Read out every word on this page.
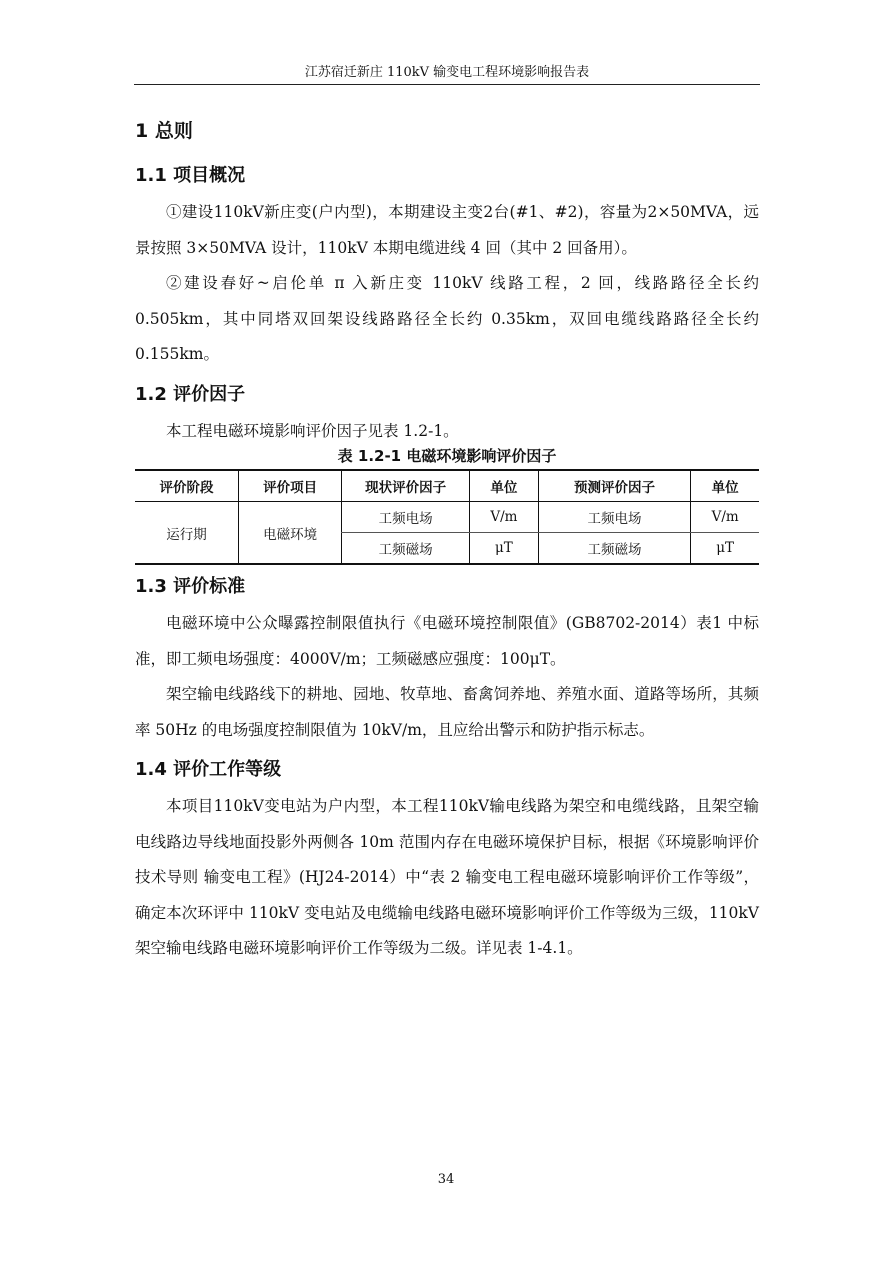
江苏宿迁新庄 110kV 输变电工程环境影响报告表
1 总则
1.1 项目概况

①建设110kV新庄变(户内型)，本期建设主变2台(#1、#2)，容量为2×50MVA，远景按照 3×50MVA 设计，110kV 本期电缆进线 4 回（其中 2 回备用）。

②建设春好~启伦单 π 入新庄变 110kV 线路工程，2 回，线路路径全长约0.505km，其中同塔双回架设线路路径全长约 0.35km，双回电缆线路路径全长约0.155km。

1.2 评价因子

本工程电磁环境影响评价因子见表 1.2-1。

表 1.2-1 电磁环境影响评价因子
评价阶段	评价项目	现状评价因子	单位	预测评价因子	单位
运行期	电磁环境	工频电场	V/m	工频电场	V/m
		工频磁场	μT	工频磁场	μT
1.3 评价标准

电磁环境中公众曝露控制限值执行《电磁环境控制限值》(GB8702-2014）表1 中标准，即工频电场强度：4000V/m；工频磁感应强度：100μT。

架空输电线路线下的耕地、园地、牧草地、畜禽饲养地、养殖水面、道路等场所，其频率 50Hz 的电场强度控制限值为 10kV/m，且应给出警示和防护指示标志。

1.4 评价工作等级

本项目110kV变电站为户内型，本工程110kV输电线路为架空和电缆线路，且架空输电线路边导线地面投影外两侧各 10m 范围内存在电磁环境保护目标，根据《环境影响评价技术导则 输变电工程》(HJ24-2014）中“表 2 输变电工程电磁环境影响评价工作等级”，确定本次环评中 110kV 变电站及电缆输电线路电磁环境影响评价工作等级为三级，110kV 架空输电线路电磁环境影响评价工作等级为二级。详见表 1-4.1。

34
